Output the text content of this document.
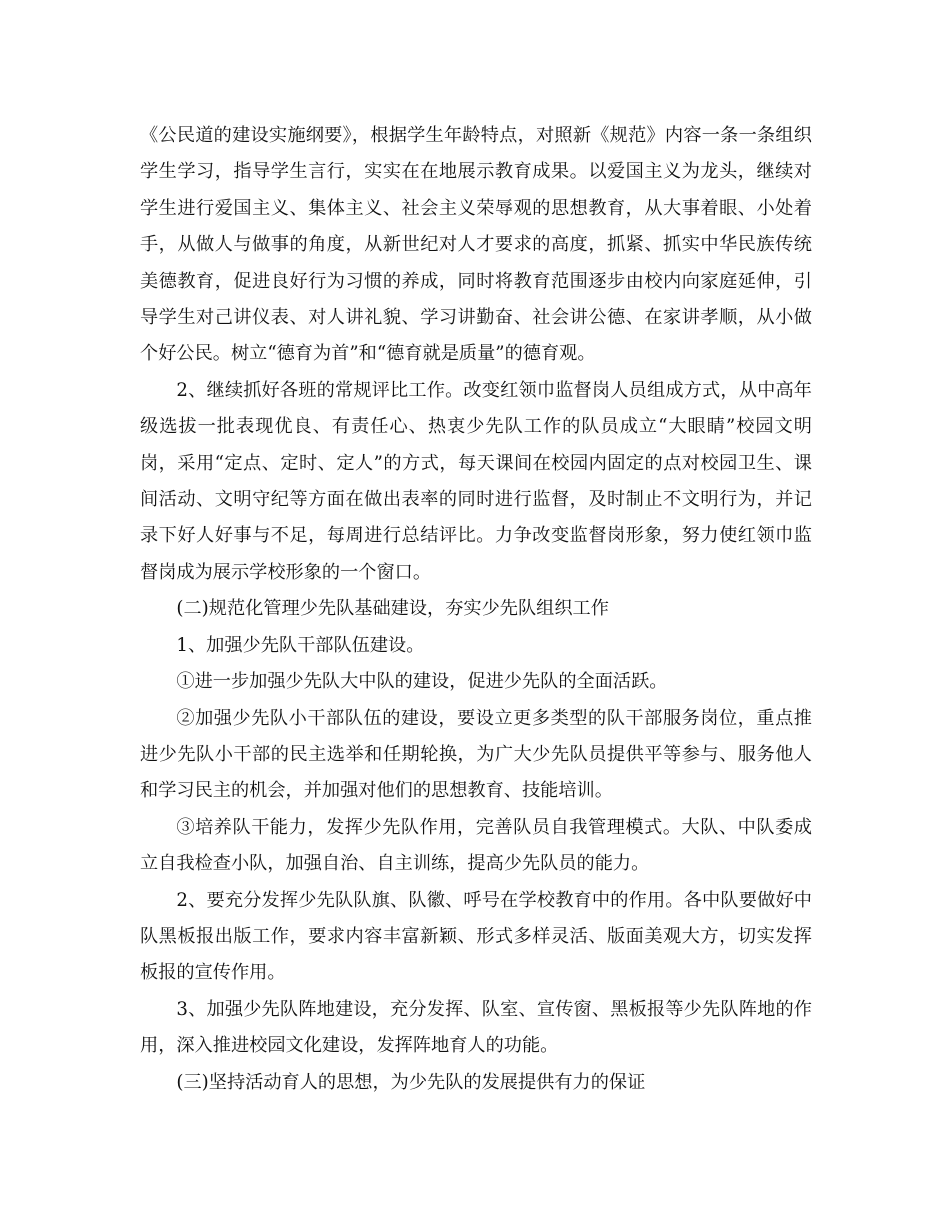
《公民道的建设实施纲要》，根据学生年龄特点，对照新《规范》内容一条一条组织学生学习，指导学生言行，实实在在地展示教育成果。以爱国主义为龙头，继续对学生进行爱国主义、集体主义、社会主义荣辱观的思想教育，从大事着眼、小处着手，从做人与做事的角度，从新世纪对人才要求的高度，抓紧、抓实中华民族传统美德教育，促进良好行为习惯的养成，同时将教育范围逐步由校内向家庭延伸，引导学生对己讲仪表、对人讲礼貌、学习讲勤奋、社会讲公德、在家讲孝顺，从小做个好公民。树立“德育为首”和“德育就是质量”的德育观。

2、继续抓好各班的常规评比工作。改变红领巾监督岗人员组成方式，从中高年级选拔一批表现优良、有责任心、热衷少先队工作的队员成立“大眼睛”校园文明岗，采用“定点、定时、定人”的方式，每天课间在校园内固定的点对校园卫生、课间活动、文明守纪等方面在做出表率的同时进行监督，及时制止不文明行为，并记录下好人好事与不足，每周进行总结评比。力争改变监督岗形象，努力使红领巾监督岗成为展示学校形象的一个窗口。

(二)规范化管理少先队基础建设，夯实少先队组织工作

1、加强少先队干部队伍建设。

①进一步加强少先队大中队的建设，促进少先队的全面活跃。

②加强少先队小干部队伍的建设，要设立更多类型的队干部服务岗位，重点推进少先队小干部的民主选举和任期轮换，为广大少先队员提供平等参与、服务他人和学习民主的机会，并加强对他们的思想教育、技能培训。

③培养队干能力，发挥少先队作用，完善队员自我管理模式。大队、中队委成立自我检查小队，加强自治、自主训练，提高少先队员的能力。

2、要充分发挥少先队队旗、队徽、呼号在学校教育中的作用。各中队要做好中队黑板报出版工作，要求内容丰富新颖、形式多样灵活、版面美观大方，切实发挥板报的宣传作用。

3、加强少先队阵地建设，充分发挥、队室、宣传窗、黑板报等少先队阵地的作用，深入推进校园文化建设，发挥阵地育人的功能。

(三)坚持活动育人的思想，为少先队的发展提供有力的保证
